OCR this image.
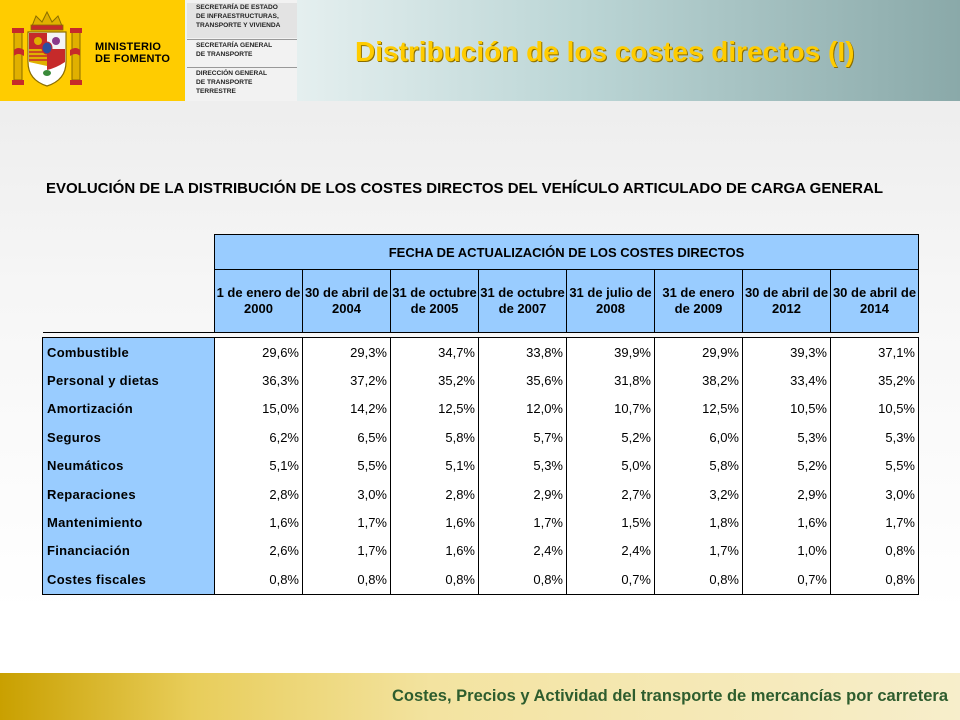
MINISTERIO
DE FOMENTO
SECRETARÍA DE ESTADO
DE INFRAESTRUCTURAS,
TRANSPORTE Y VIVIENDA
SECRETARÍA GENERAL
DE TRANSPORTE
DIRECCIÓN GENERAL
DE TRANSPORTE
TERRESTRE
Distribución de los costes directos (I)
EVOLUCIÓN DE LA DISTRIBUCIÓN DE LOS COSTES DIRECTOS DEL VEHÍCULO ARTICULADO DE CARGA GENERAL
	FECHA DE ACTUALIZACIÓN DE LOS COSTES DIRECTOS							
	1 de enero de 2000	30 de abril de 2004	31 de octubre de 2005	31 de octubre de 2007	31 de julio de 2008	31 de enero de 2009	30 de abril de 2012	30 de abril de 2014

Combustible	29,6%	29,3%	34,7%	33,8%	39,9%	29,9%	39,3%	37,1%
Personal y dietas	36,3%	37,2%	35,2%	35,6%	31,8%	38,2%	33,4%	35,2%
Amortización	15,0%	14,2%	12,5%	12,0%	10,7%	12,5%	10,5%	10,5%
Seguros	6,2%	6,5%	5,8%	5,7%	5,2%	6,0%	5,3%	5,3%
Neumáticos	5,1%	5,5%	5,1%	5,3%	5,0%	5,8%	5,2%	5,5%
Reparaciones	2,8%	3,0%	2,8%	2,9%	2,7%	3,2%	2,9%	3,0%
Mantenimiento	1,6%	1,7%	1,6%	1,7%	1,5%	1,8%	1,6%	1,7%
Financiación	2,6%	1,7%	1,6%	2,4%	2,4%	1,7%	1,0%	0,8%
Costes fiscales	0,8%	0,8%	0,8%	0,8%	0,7%	0,8%	0,7%	0,8%
Costes, Precios y Actividad del transporte de mercancías por carretera
